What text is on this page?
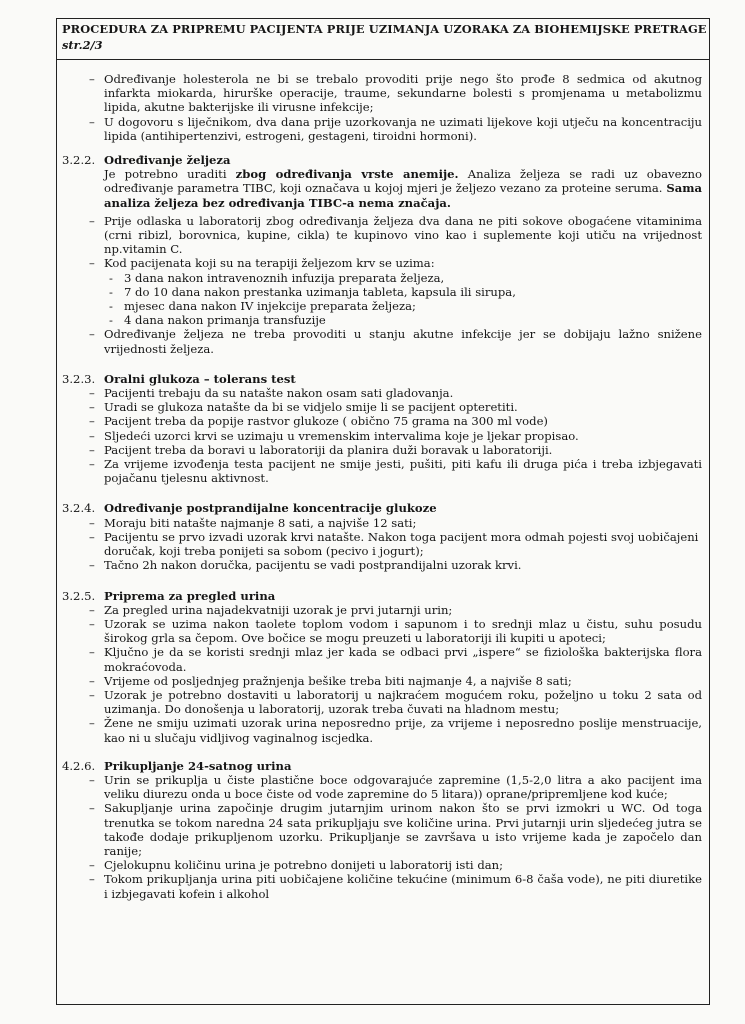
PROCEDURA ZA PRIPREMU PACIJENTA PRIJE UZIMANJA UZORAKA ZA BIOHEMIJSKE PRETRAGE
str.2/3
– Određivanje holesterola ne bi se trebalo provoditi prije nego što prođe 8 sedmica od akutnog infarkta miokarda, hirurške operacije, traume, sekundarne bolesti s promjenama u metabolizmu lipida, akutne bakterijske ili virusne infekcije;
– U dogovoru s liječnikom, dva dana prije uzorkovanja ne uzimati lijekove koji utječu na koncentraciju lipida (antihipertenzivi, estrogeni, gestageni, tiroidni hormoni).
3.2.2. Određivanje željeza
Je potrebno uraditi zbog određivanja vrste anemije. Analiza željeza se radi uz obavezno određivanje parametra TIBC, koji označava u kojoj mjeri je željezo vezano za proteine seruma. Sama analiza željeza bez određivanja TIBC-a nema značaja.
– Prije odlaska u laboratorij zbog određivanja željeza dva dana ne piti sokove obogaćene vitaminima (crni ribizl, borovnica, kupine, cikla) te kupinovo vino kao i suplemente koji utiču na vrijednost np.vitamin C.
– Kod pacijenata koji su na terapiji željezom krv se uzima:
- 3 dana nakon intravenoznih infuzija preparata željeza,
- 7 do 10 dana nakon prestanka uzimanja tableta, kapsula ili sirupa,
- mjesec dana nakon IV injekcije preparata željeza;
- 4 dana nakon primanja transfuzije
– Određivanje željeza ne treba provoditi u stanju akutne infekcije jer se dobijaju lažno snižene vrijednosti željeza.
3.2.3. Oralni glukoza – tolerans test
– Pacijenti trebaju da su natašte nakon osam sati gladovanja.
– Uradi se glukoza natašte da bi se vidjelo smije li se pacijent opteretiti.
– Pacijent treba da popije rastvor glukoze ( obično 75 grama na 300 ml vode)
– Sljedeći uzorci krvi se uzimaju u vremenskim intervalima koje je ljekar propisao.
– Pacijent treba da boravi u laboratoriji da planira duži boravak u laboratoriji.
– Za vrijeme izvođenja testa pacijent ne smije jesti, pušiti, piti kafu ili druga pića i treba izbjegavati pojačanu tjelesnu aktivnost.
3.2.4. Određivanje postprandijalne koncentracije glukoze
– Moraju biti natašte najmanje 8 sati, a najviše 12 sati;
– Pacijentu se prvo izvadi uzorak krvi natašte. Nakon toga pacijent mora odmah pojesti svoj uobičajeni doručak, koji treba ponijeti sa sobom (pecivo i jogurt);
– Tačno 2h nakon doručka, pacijentu se vadi postprandijalni uzorak krvi.
3.2.5. Priprema za pregled urina
– Za pregled urina najadekvatniji uzorak je prvi jutarnji urin;
– Uzorak se uzima nakon taolete toplom vodom i sapunom i to srednji mlaz u čistu, suhu posudu širokog grla sa čepom. Ove bočice se mogu preuzeti u laboratoriji ili kupiti u apoteci;
– Ključno je da se koristi srednji mlaz jer kada se odbaci prvi „ispere“ se fiziološka bakterijska flora mokraćovoda.
– Vrijeme od posljednjeg pražnjenja bešike treba biti najmanje 4, a najviše 8 sati;
– Uzorak je potrebno dostaviti u laboratorij u najkraćem mogućem roku, poželjno u toku 2 sata od uzimanja. Do donošenja u laboratorij, uzorak treba čuvati na hladnom mestu;
– Žene ne smiju uzimati uzorak urina neposredno prije, za vrijeme i neposredno poslije menstruacije, kao ni u slučaju vidljivog vaginalnog iscjedka.
4.2.6. Prikupljanje 24-satnog urina
– Urin se prikuplja u čiste plastične boce odgovarajuće zapremine (1,5-2,0 litra a ako pacijent ima veliku diurezu onda u boce čiste od vode zapremine do 5 litara)) oprane/pripremljene kod kuće;
– Sakupljanje urina započinje drugim jutarnjim urinom nakon što se prvi izmokri u WC. Od toga trenutka se tokom naredna 24 sata prikupljaju sve količine urina. Prvi jutarnji urin sljedećeg jutra se takođe dodaje prikupljenom uzorku. Prikupljanje se završava u isto vrijeme kada je započelo dan ranije;
– Cjelokupnu količinu urina je potrebno donijeti u laboratorij isti dan;
– Tokom prikupljanja urina piti uobičajene količine tekućine (minimum 6-8 čaša vode), ne piti diuretike i izbjegavati kofein i alkohol
